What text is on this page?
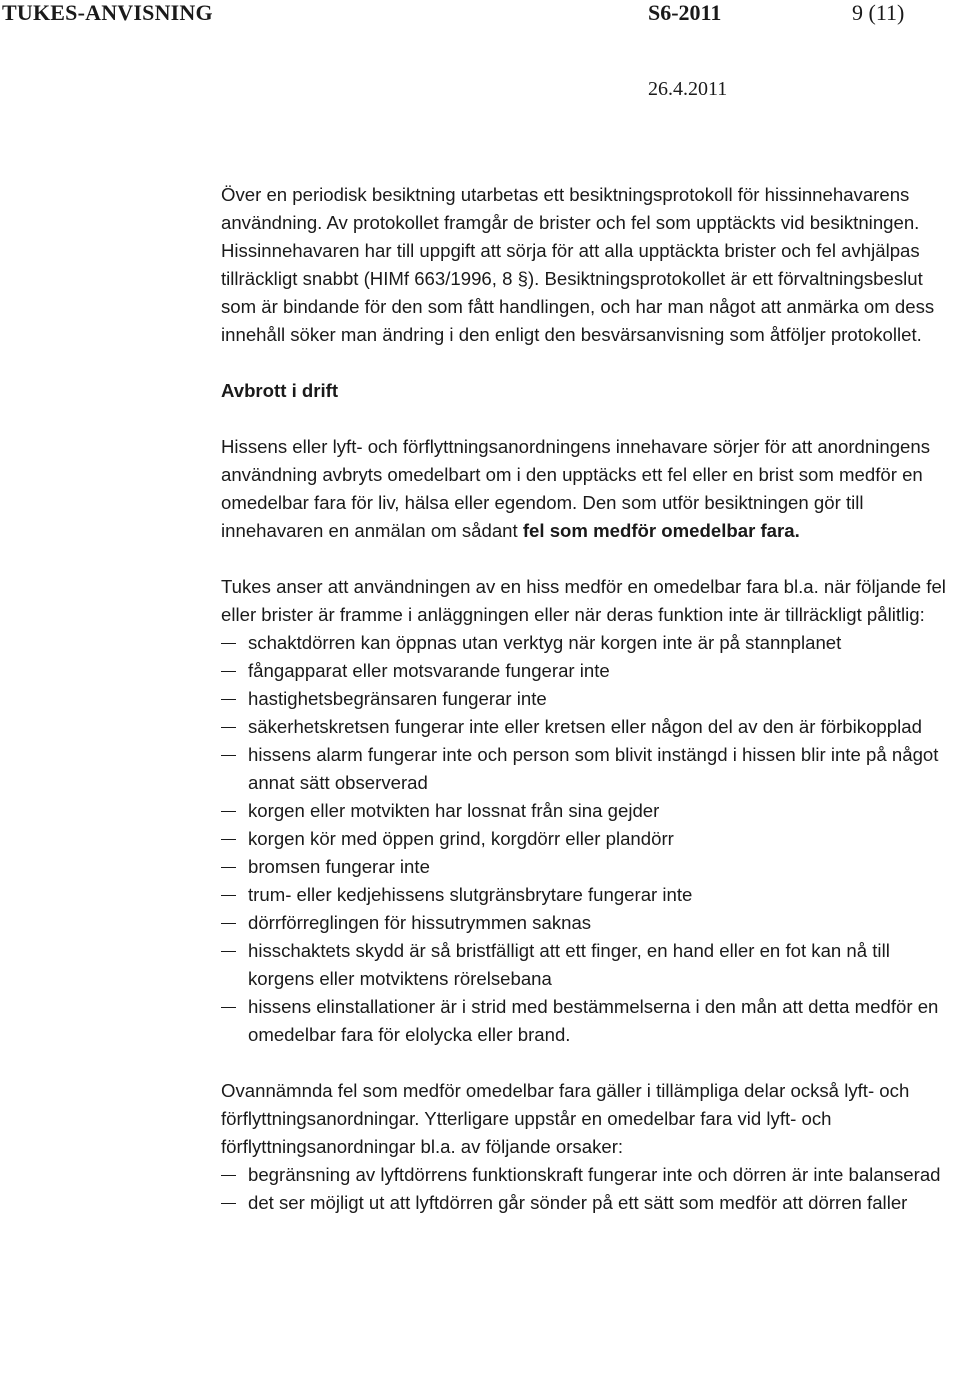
TUKES-ANVISNING	S6-2011	9 (11)
26.4.2011

Över en periodisk besiktning utarbetas ett besiktningsprotokoll för hissinnehavarens användning. Av protokollet framgår de brister och fel som upptäckts vid besiktningen. Hissinnehavaren har till uppgift att sörja för att alla upptäckta brister och fel avhjälpas tillräckligt snabbt (HIMf 663/1996, 8 §). Besiktningsprotokollet är ett förvaltningsbeslut som är bindande för den som fått handlingen, och har man något att anmärka om dess innehåll söker man ändring i den enligt den besvärsanvisning som åtföljer protokollet.

Avbrott i drift

Hissens eller lyft- och förflyttningsanordningens innehavare sörjer för att anordningens användning avbryts omedelbart om i den upptäcks ett fel eller en brist som medför en omedelbar fara för liv, hälsa eller egendom. Den som utför besiktningen gör till innehavaren en anmälan om sådant fel som medför omedelbar fara.

Tukes anser att användningen av en hiss medför en omedelbar fara bl.a. när följande fel eller brister är framme i anläggningen eller när deras funktion inte är tillräckligt pålitlig:

schaktdörren kan öppnas utan verktyg när korgen inte är på stannplanet
fångapparat eller motsvarande fungerar inte
hastighetsbegränsaren fungerar inte
säkerhetskretsen fungerar inte eller kretsen eller någon del av den är förbikopplad
hissens alarm fungerar inte och person som blivit instängd i hissen blir inte på något annat sätt observerad
korgen eller motvikten har lossnat från sina gejder
korgen kör med öppen grind, korgdörr eller plandörr
bromsen fungerar inte
trum- eller kedjehissens slutgränsbrytare fungerar inte
dörrförreglingen för hissutrymmen saknas
hisschaktets skydd är så bristfälligt att ett finger, en hand eller en fot kan nå till korgens eller motviktens rörelsebana
hissens elinstallationer är i strid med bestämmelserna i den mån att detta medför en omedelbar fara för elolycka eller brand.

Ovannämnda fel som medför omedelbar fara gäller i tillämpliga delar också lyft- och förflyttningsanordningar. Ytterligare uppstår en omedelbar fara vid lyft- och förflyttningsanordningar bl.a. av följande orsaker:

begränsning av lyftdörrens funktionskraft fungerar inte och dörren är inte balanserad
det ser möjligt ut att lyftdörren går sönder på ett sätt som medför att dörren faller
